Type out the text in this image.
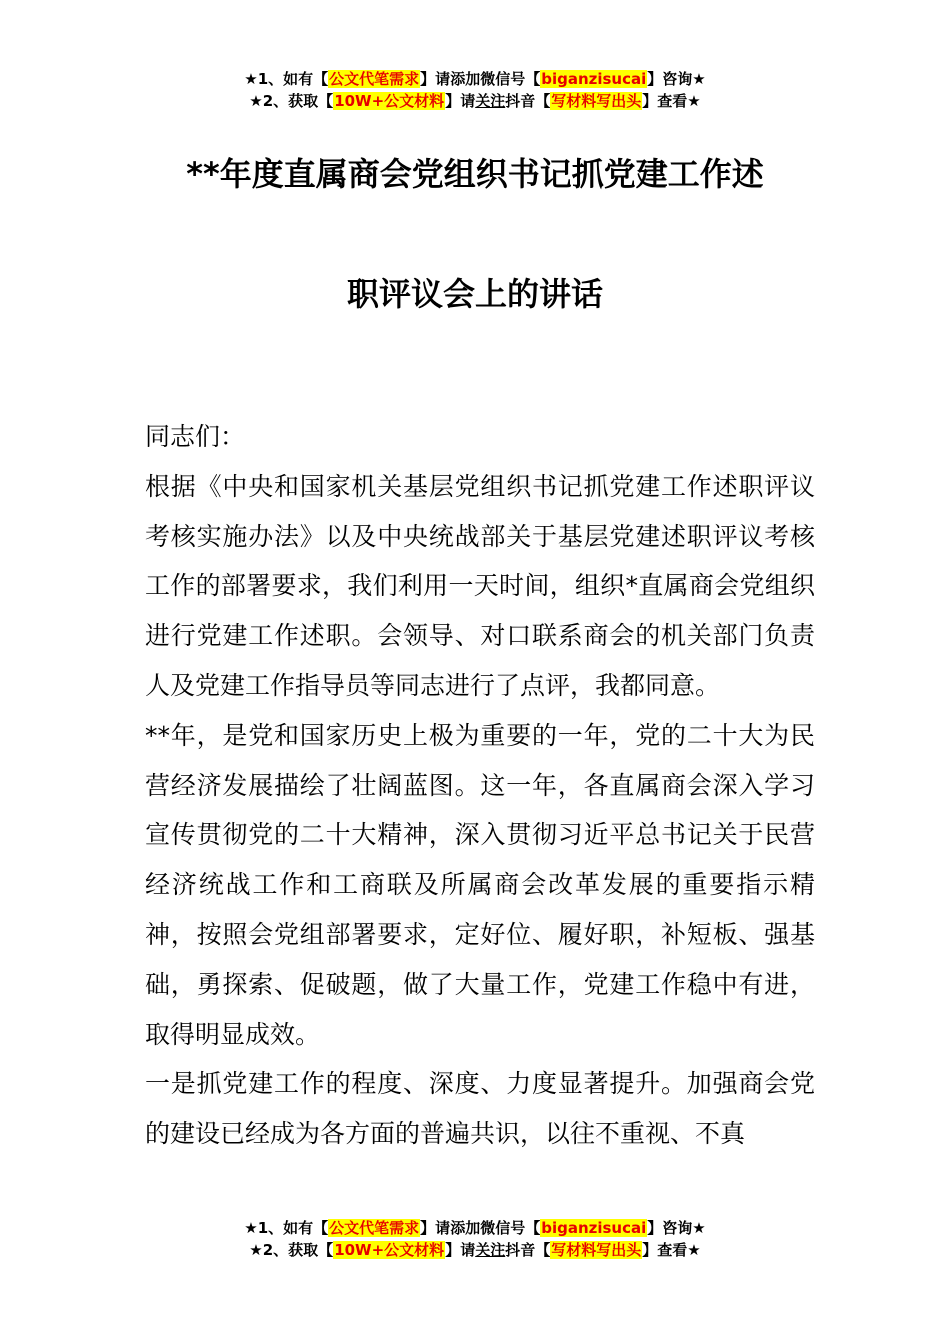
★1、如有【公文代笔需求】请添加微信号【biganzisucai】咨询★
★2、获取【10W+公文材料】请关注抖音【写材料写出头】查看★
**年度直属商会党组织书记抓党建工作述
职评议会上的讲话

同志们：

根据《中央和国家机关基层党组织书记抓党建工作述职评议考核实施办法》以及中央统战部关于基层党建述职评议考核工作的部署要求，我们利用一天时间，组织*直属商会党组织进行党建工作述职。会领导、对口联系商会的机关部门负责人及党建工作指导员等同志进行了点评，我都同意。

**年，是党和国家历史上极为重要的一年，党的二十大为民营经济发展描绘了壮阔蓝图。这一年，各直属商会深入学习宣传贯彻党的二十大精神，深入贯彻习近平总书记关于民营经济统战工作和工商联及所属商会改革发展的重要指示精神，按照会党组部署要求，定好位、履好职，补短板、强基础，勇探索、促破题，做了大量工作，党建工作稳中有进，取得明显成效。

一是抓党建工作的程度、深度、力度显著提升。加强商会党的建设已经成为各方面的普遍共识，以往不重视、不真

★1、如有【公文代笔需求】请添加微信号【biganzisucai】咨询★
★2、获取【10W+公文材料】请关注抖音【写材料写出头】查看★
